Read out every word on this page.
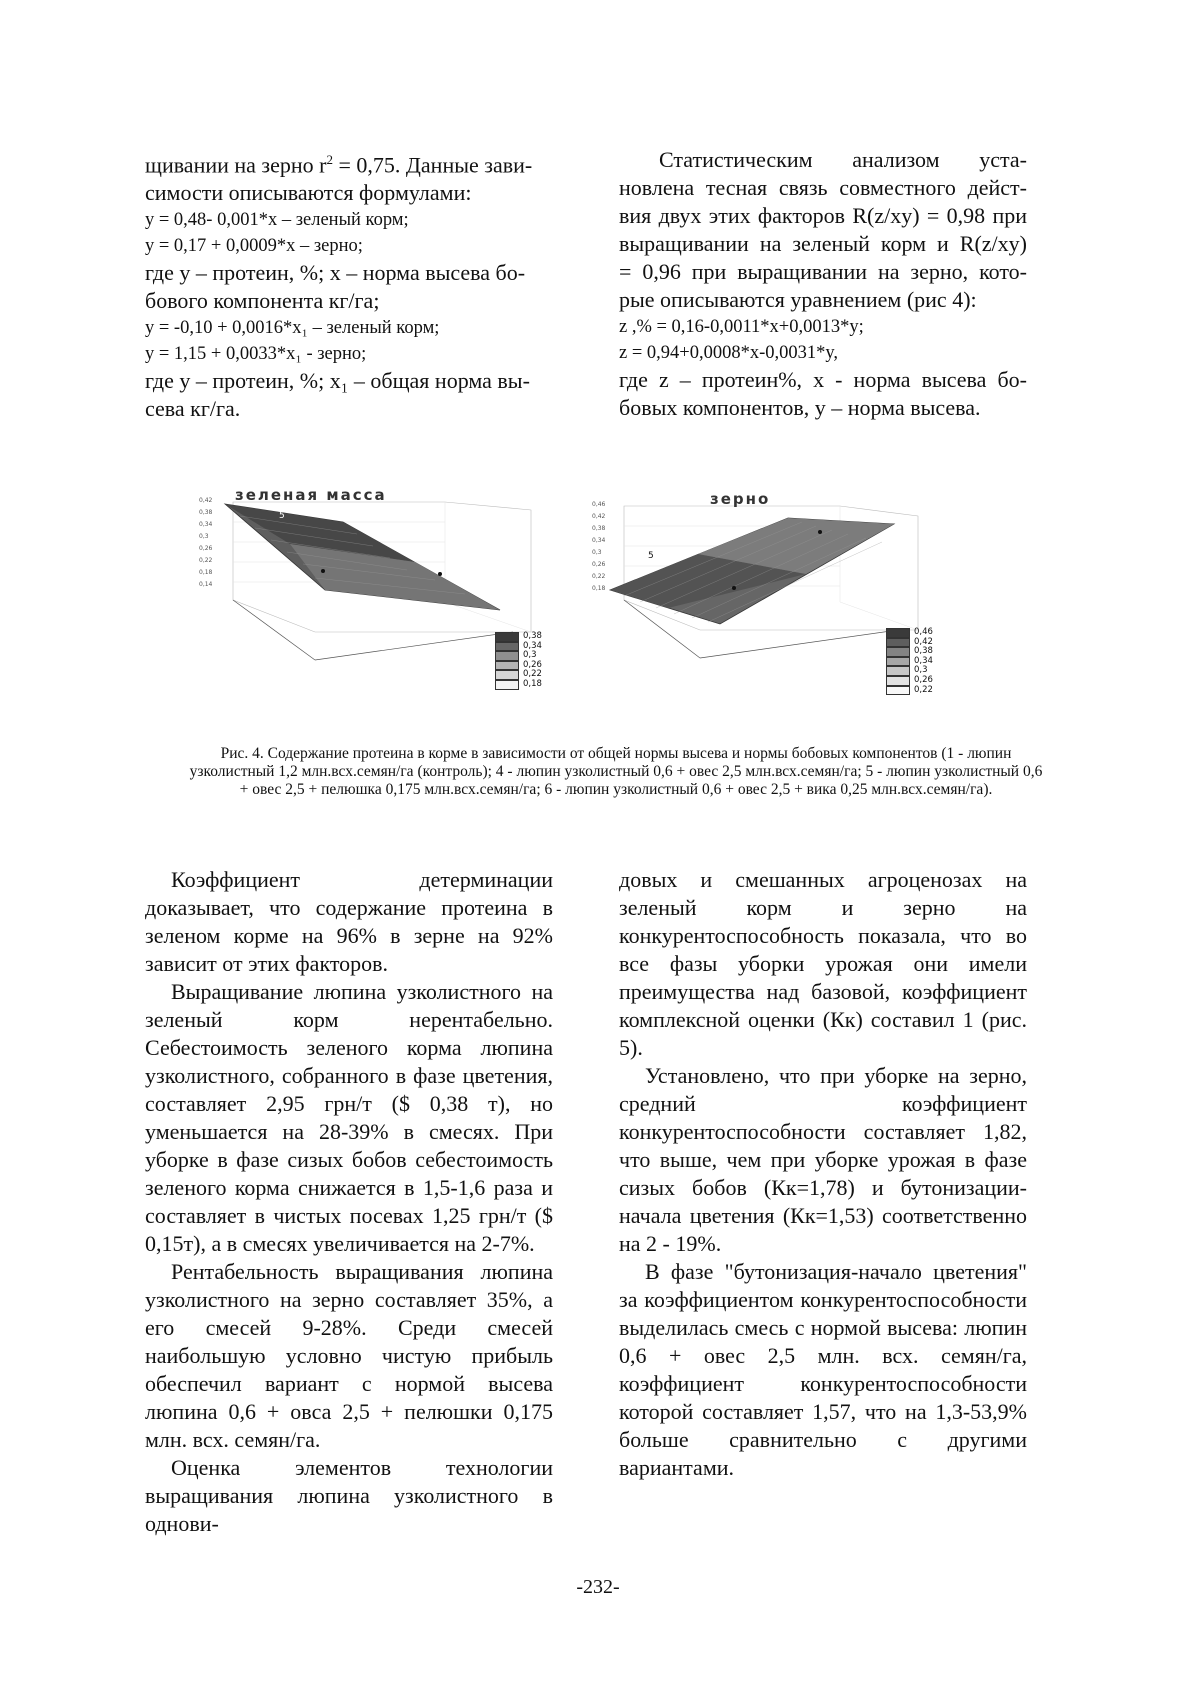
щивании на зерно $r^2 = 0,75$. Данные зави-

симости описываются формулами:

y = 0,48- 0,001*x – зеленый корм;

y = 0,17 + 0,0009*x – зерно;

где y – протеин, %; x – норма высева бо-

бового компонента кг/га;

y = -0,10 + 0,0016*x₁ – зеленый корм;

y = 1,15 + 0,0033*x₁ - зерно;

где y – протеин, %; x₁ – общая норма вы-

сева кг/га.

Статистическим анализом уста-

новлена тесная связь совместного дейст-

вия двух этих факторов R(z/xy) = 0,98 при

выращивании на зеленый корм и R(z/xy)

= 0,96 при выращивании на зерно, кото-

рые описываются уравнением (рис 4):

z ,% = 0,16-0,0011*x+0,0013*y;

z = 0,94+0,0008*x-0,0031*y,

где z – протеин%, x - норма высева бо-

бовых компонентов, y – норма высева.

зеленая масса
5
0,42
0,38
0,34
0,3
0,26
0,22
0,18
0,14
0,38
0,34
0,3
0,26
0,22
0,18
зерно
5
0,46
0,42
0,38
0,34
0,3
0,26
0,22
0,18
0,46
0,42
0,38
0,34
0,3
0,26
0,22
Рис. 4. Содержание протеина в корме в зависимости от общей нормы высева и нормы бобовых компонентов (1 - люпин узколистный 1,2 млн.всх.семян/га (контроль); 4 - люпин узколистный 0,6 + овес 2,5 млн.всх.семян/га; 5 - люпин узколистный 0,6 + овес 2,5 + пелюшка 0,175 млн.всх.семян/га; 6 - люпин узколистный 0,6 + овес 2,5 + вика 0,25 млн.всх.семян/га).

Коэффициент детерминации доказывает, что содержание протеина в зеленом корме на 96% в зерне на 92% зависит от этих факторов.

Выращивание люпина узколистного на зеленый корм нерентабельно. Себестоимость зеленого корма люпина узколистного, собранного в фазе цветения, составляет 2,95 грн/т ($ 0,38 т), но уменьшается на 28-39% в смесях. При уборке в фазе сизых бобов себестоимость зеленого корма снижается в 1,5-1,6 раза и составляет в чистых посевах 1,25 грн/т ($ 0,15т), а в смесях увеличивается на 2-7%.

Рентабельность выращивания люпина узколистного на зерно составляет 35%, а его смесей 9-28%. Среди смесей наибольшую условно чистую прибыль обеспечил вариант с нормой высева люпина 0,6 + овса 2,5 + пелюшки 0,175 млн. всх. семян/га.

Оценка элементов технологии выращивания люпина узколистного в однови-

довых и смешанных агроценозах на зеленый корм и зерно на конкурентоспособность показала, что во все фазы уборки урожая они имели преимущества над базовой, коэффициент комплексной оценки (Кк) составил 1 (рис. 5).

Установлено, что при уборке на зерно, средний коэффициент конкурентоспособности составляет 1,82, что выше, чем при уборке урожая в фазе сизых бобов (Кк=1,78) и бутонизации-начала цветения (Кк=1,53) соответственно на 2 - 19%.

В фазе "бутонизация-начало цветения" за коэффициентом конкурентоспособности выделилась смесь с нормой высева: люпин 0,6 + овес 2,5 млн. всх. семян/га, коэффициент конкурентоспособности которой составляет 1,57, что на 1,3-53,9% больше сравнительно с другими вариантами.

-232-
